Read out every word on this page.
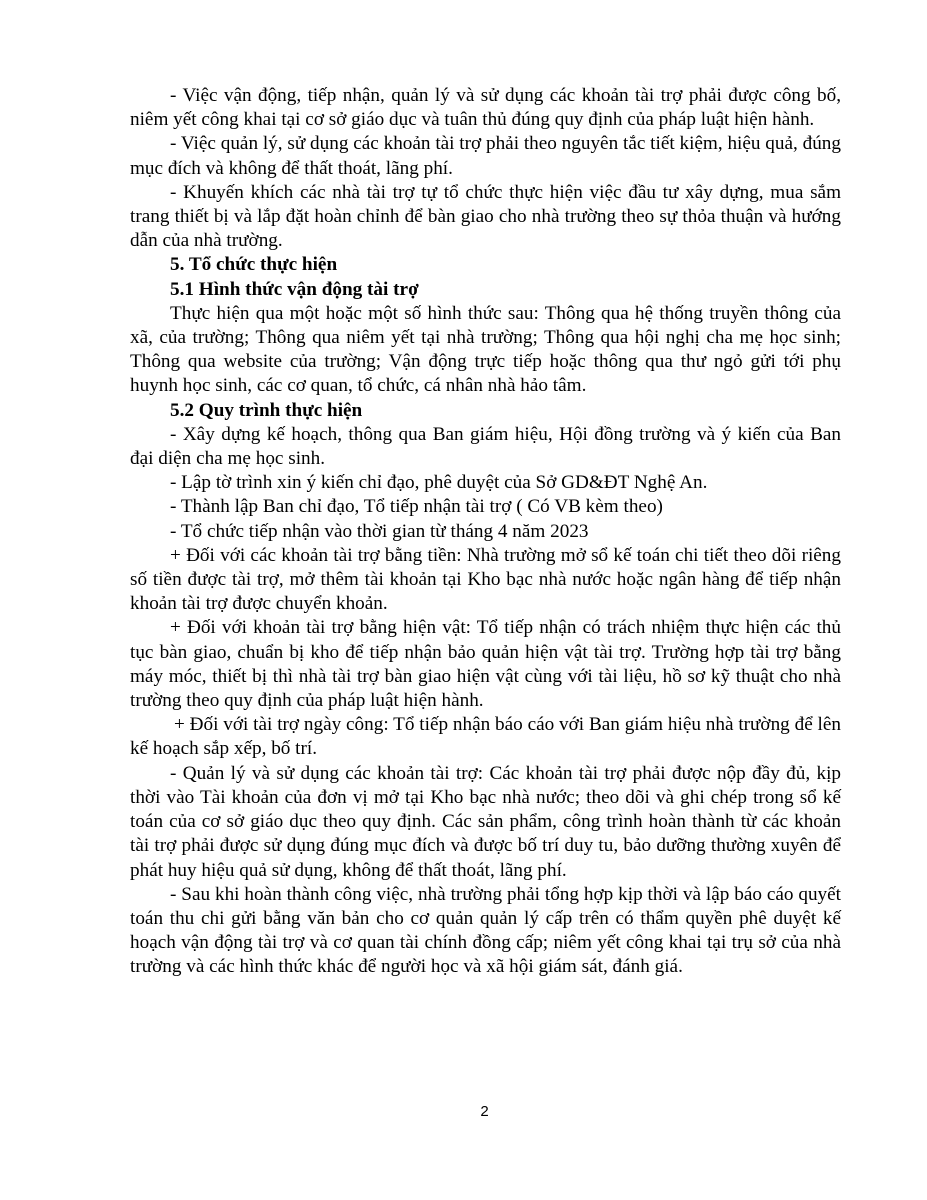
- Việc vận động, tiếp nhận, quản lý và sử dụng các khoản tài trợ phải được công bố, niêm yết công khai tại cơ sở giáo dục và tuân thủ đúng quy định của pháp luật hiện hành.

- Việc quản lý, sử dụng các khoản tài trợ phải theo nguyên tắc tiết kiệm, hiệu quả, đúng mục đích và không để thất thoát, lãng phí.

- Khuyến khích các nhà tài trợ tự tổ chức thực hiện việc đầu tư xây dựng, mua sắm trang thiết bị và lắp đặt hoàn chỉnh để bàn giao cho nhà trường theo sự thỏa thuận và hướng dẫn của nhà trường.

5. Tổ chức thực hiện

5.1 Hình thức vận động tài trợ

Thực hiện qua một hoặc một số hình thức sau: Thông qua hệ thống truyền thông của xã, của trường; Thông qua niêm yết tại nhà trường; Thông qua hội nghị cha mẹ học sinh; Thông qua website của trường; Vận động trực tiếp hoặc thông qua thư ngỏ gửi tới phụ huynh học sinh, các cơ quan, tổ chức, cá nhân nhà hảo tâm.

5.2 Quy trình thực hiện

- Xây dựng kế hoạch, thông qua Ban giám hiệu, Hội đồng trường và ý kiến của Ban đại diện cha mẹ học sinh.

- Lập tờ trình xin ý kiến chỉ đạo, phê duyệt của Sở GD&ĐT Nghệ An.

- Thành lập Ban chỉ đạo, Tổ tiếp nhận tài trợ ( Có VB kèm theo)

- Tổ chức tiếp nhận vào thời gian từ tháng 4 năm 2023

+ Đối với các khoản tài trợ bằng tiền: Nhà trường mở sổ kế toán chi tiết theo dõi riêng số tiền được tài trợ, mở thêm tài khoản tại Kho bạc nhà nước hoặc ngân hàng để tiếp nhận khoản tài trợ được chuyển khoản.

+ Đối với khoản tài trợ bằng hiện vật: Tổ tiếp nhận có trách nhiệm thực hiện các thủ tục bàn giao, chuẩn bị kho để tiếp nhận bảo quản hiện vật tài trợ. Trường hợp tài trợ bằng máy móc, thiết bị thì nhà tài trợ bàn giao hiện vật cùng với tài liệu, hồ sơ kỹ thuật cho nhà trường theo quy định của pháp luật hiện hành.

+ Đối với tài trợ ngày công: Tổ tiếp nhận báo cáo với Ban giám hiệu nhà trường để lên kế hoạch sắp xếp, bố trí.

- Quản lý và sử dụng các khoản tài trợ: Các khoản tài trợ phải được nộp đầy đủ, kịp thời vào Tài khoản của đơn vị mở tại Kho bạc nhà nước; theo dõi và ghi chép trong sổ kế toán của cơ sở giáo dục theo quy định. Các sản phẩm, công trình hoàn thành từ các khoản tài trợ phải được sử dụng đúng mục đích và được bố trí duy tu, bảo dưỡng thường xuyên để phát huy hiệu quả sử dụng, không để thất thoát, lãng phí.

- Sau khi hoàn thành công việc, nhà trường phải tổng hợp kịp thời và lập báo cáo quyết toán thu chi gửi bằng văn bản cho cơ quản quản lý cấp trên có thẩm quyền phê duyệt kế hoạch vận động tài trợ và cơ quan tài chính đồng cấp; niêm yết công khai tại trụ sở của nhà trường và các hình thức khác để người học và xã hội giám sát, đánh giá.

2
